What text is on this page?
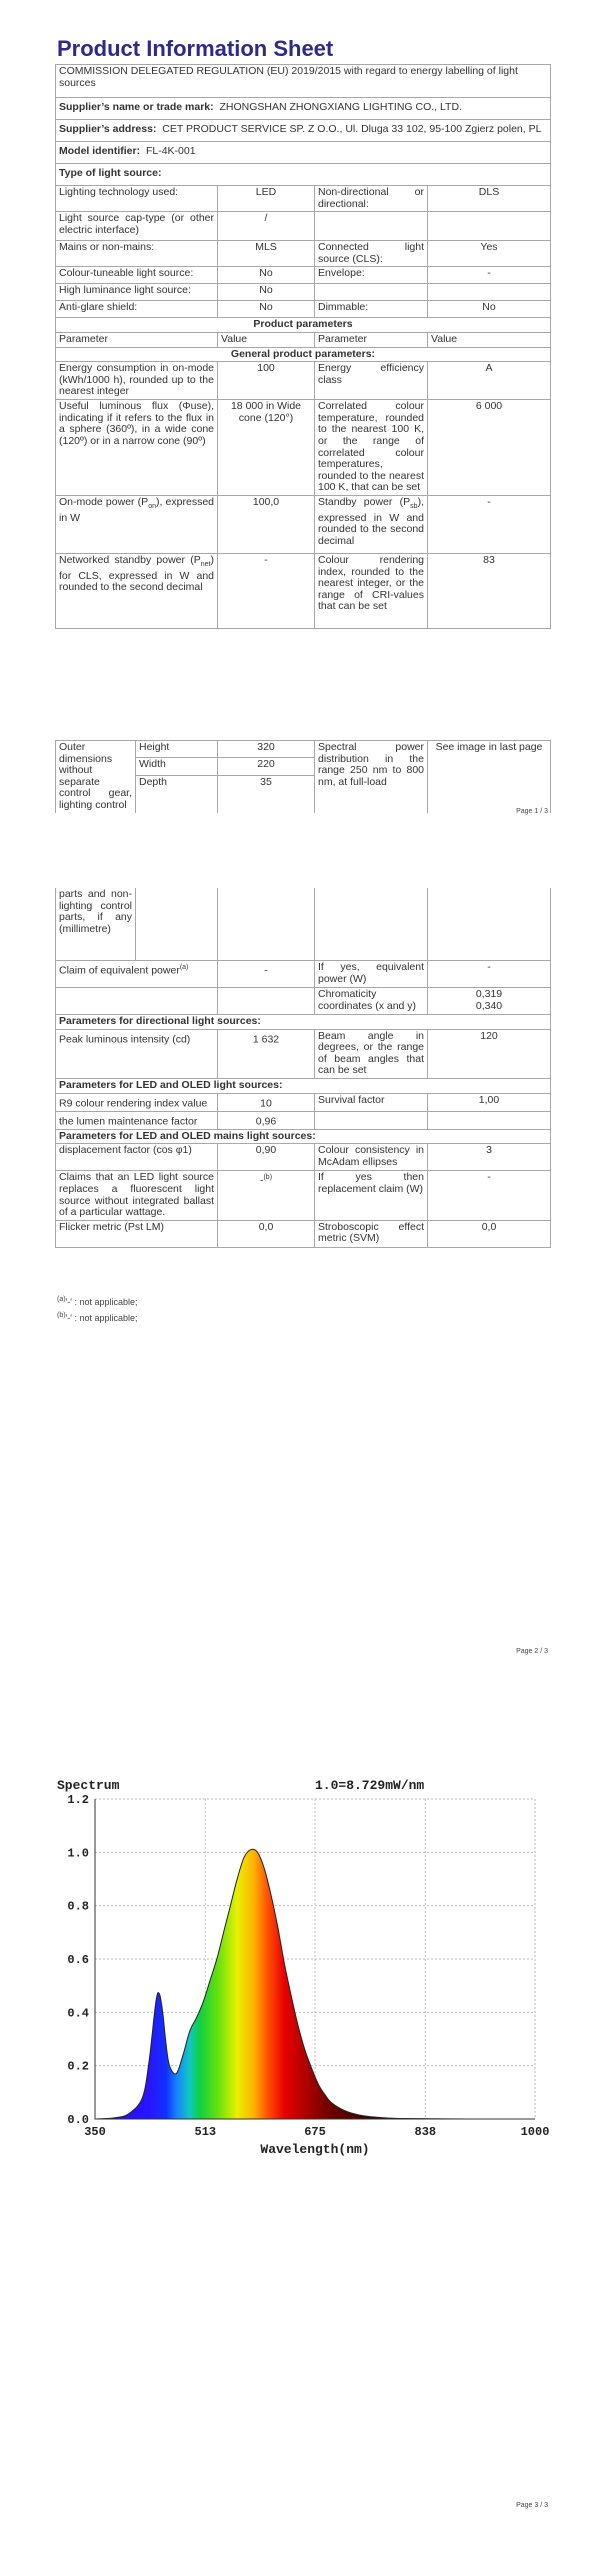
Product Information Sheet
COMMISSION DELEGATED REGULATION (EU) 2019/2015 with regard to energy labelling of light sources			
Supplier’s name or trade mark: ZHONGSHAN ZHONGXIANG LIGHTING CO., LTD.			
Supplier’s address: CET PRODUCT SERVICE SP. Z O.O., Ul. Dluga 33 102, 95-100 Zgierz polen, PL			
Model identifier: FL-4K-001			
Type of light source:			
Lighting technology used:	LED	Non-directional or directional:	DLS
Light source cap-type (or other electric interface)	/		
Mains or non-mains:	MLS	Connected light source (CLS):	Yes
Colour-tuneable light source:	No	Envelope:	-
High luminance light source:	No		
Anti-glare shield:	No	Dimmable:	No
Product parameters			
Parameter	Value	Parameter	Value
General product parameters:			
Energy consumption in on-mode (kWh/1000 h), rounded up to the nearest integer	100	Energy efficiency class	A
Useful luminous flux (Φuse), indicating if it refers to the flux in a sphere (360º), in a wide cone (120º) or in a narrow cone (90º)	18 000 in Wide cone (120°)	Correlated colour temperature, rounded to the nearest 100 K, or the range of correlated colour temperatures, rounded to the nearest 100 K, that can be set	6 000
On-mode power $(P_{on})$, expressed in W	100,0	Standby power $(P_{sb})$, expressed in W and rounded to the second decimal	-
Networked standby power $(P_{net})$ for CLS, expressed in W and rounded to the second decimal	-	Colour rendering index, rounded to the nearest integer, or the range of CRI-values that can be set	83
Outer dimensions without separate control gear, lighting control	Height	320	Spectral power distribution in the range 250 nm to 800 nm, at full-load	See image in last page
	Width	220		
	Depth	35		
Page 1 / 3
parts and non-lighting control parts, if any (millimetre)				
Claim of equivalent power$^{(a)}$		-	If yes, equivalent power (W)	-
			Chromaticity coordinates (x and y)	0,319
0,340
Parameters for directional light sources:				
Peak luminous intensity (cd)		1 632	Beam angle in degrees, or the range of beam angles that can be set	120
Parameters for LED and OLED light sources:				
R9 colour rendering index value		10	Survival factor	1,00
the lumen maintenance factor		0,96		
Parameters for LED and OLED mains light sources:				
displacement factor (cos φ1)		0,90	Colour consistency in McAdam ellipses	3
Claims that an LED light source replaces a fluorescent light source without integrated ballast of a particular wattage.		-$^{(b)}$	If yes then replacement claim (W)	-
Flicker metric (Pst LM)		0,0	Stroboscopic effect metric (SVM)	0,0
$^{(a)}$'-' : not applicable;
$^{(b)}$'-' : not applicable;
Page 2 / 3
Page 3 / 3
0.0
0.2
0.4
0.6
0.8
1.0
1.2
350	513	675	838	1000
Spectrum	1.0=8.729mW/nm
Wavelength(nm)
